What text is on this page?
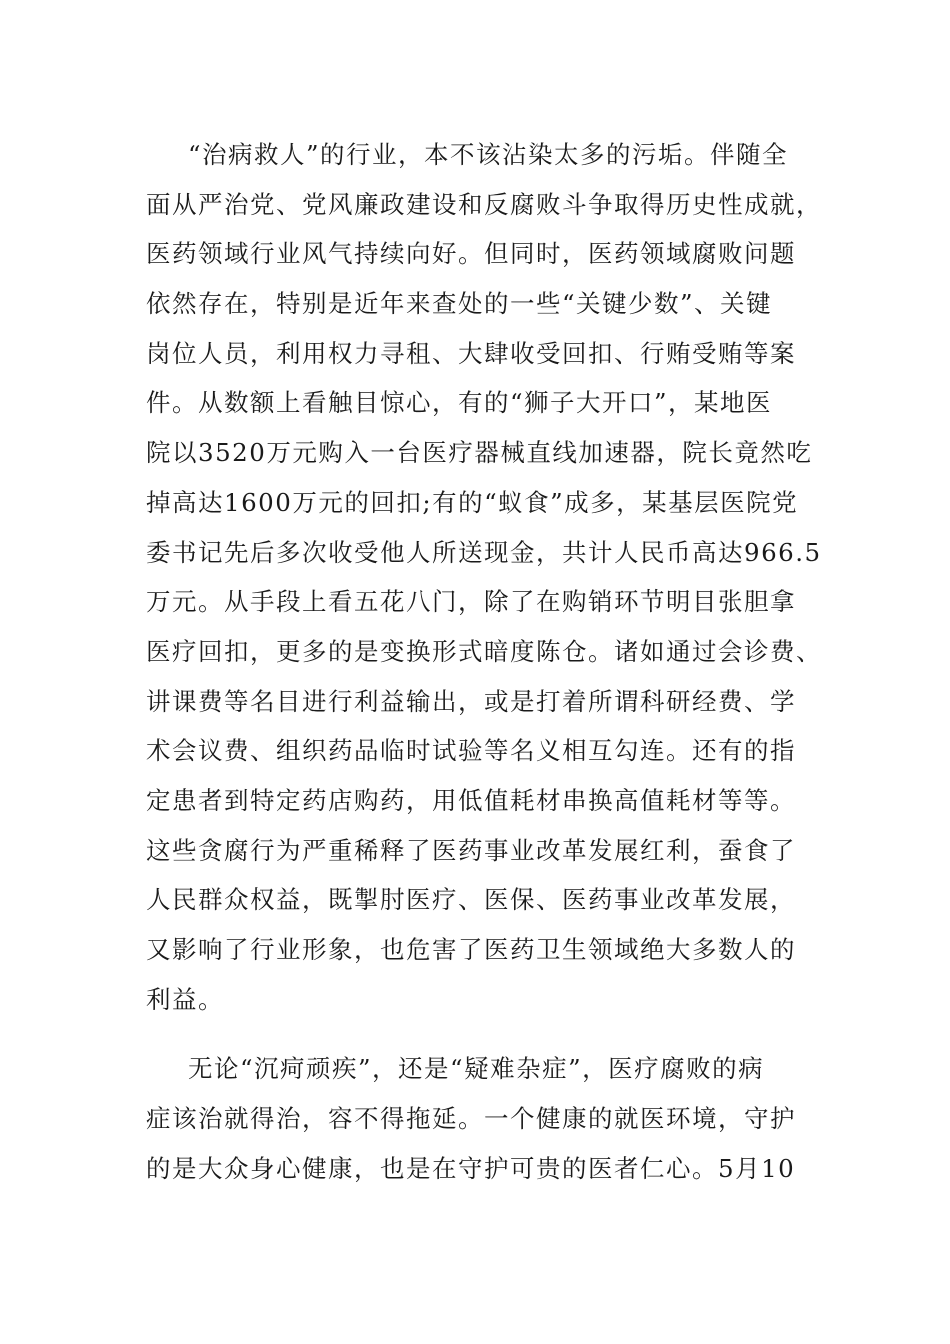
“治病救人”的行业，本不该沾染太多的污垢。伴随全
面从严治党、党风廉政建设和反腐败斗争取得历史性成就，
医药领域行业风气持续向好。但同时，医药领域腐败问题
依然存在，特别是近年来查处的一些“关键少数”、关键
岗位人员，利用权力寻租、大肆收受回扣、行贿受贿等案
件。从数额上看触目惊心，有的“狮子大开口”，某地医
院以3520万元购入一台医疗器械直线加速器，院长竟然吃
掉高达1600万元的回扣;有的“蚁食”成多，某基层医院党
委书记先后多次收受他人所送现金，共计人民币高达966.5
万元。从手段上看五花八门，除了在购销环节明目张胆拿
医疗回扣，更多的是变换形式暗度陈仓。诸如通过会诊费、
讲课费等名目进行利益输出，或是打着所谓科研经费、学
术会议费、组织药品临时试验等名义相互勾连。还有的指
定患者到特定药店购药，用低值耗材串换高值耗材等等。
这些贪腐行为严重稀释了医药事业改革发展红利，蚕食了
人民群众权益，既掣肘医疗、医保、医药事业改革发展，
又影响了行业形象，也危害了医药卫生领域绝大多数人的
利益。
无论“沉疴顽疾”，还是“疑难杂症”，医疗腐败的病
症该治就得治，容不得拖延。一个健康的就医环境，守护
的是大众身心健康，也是在守护可贵的医者仁心。5月10
